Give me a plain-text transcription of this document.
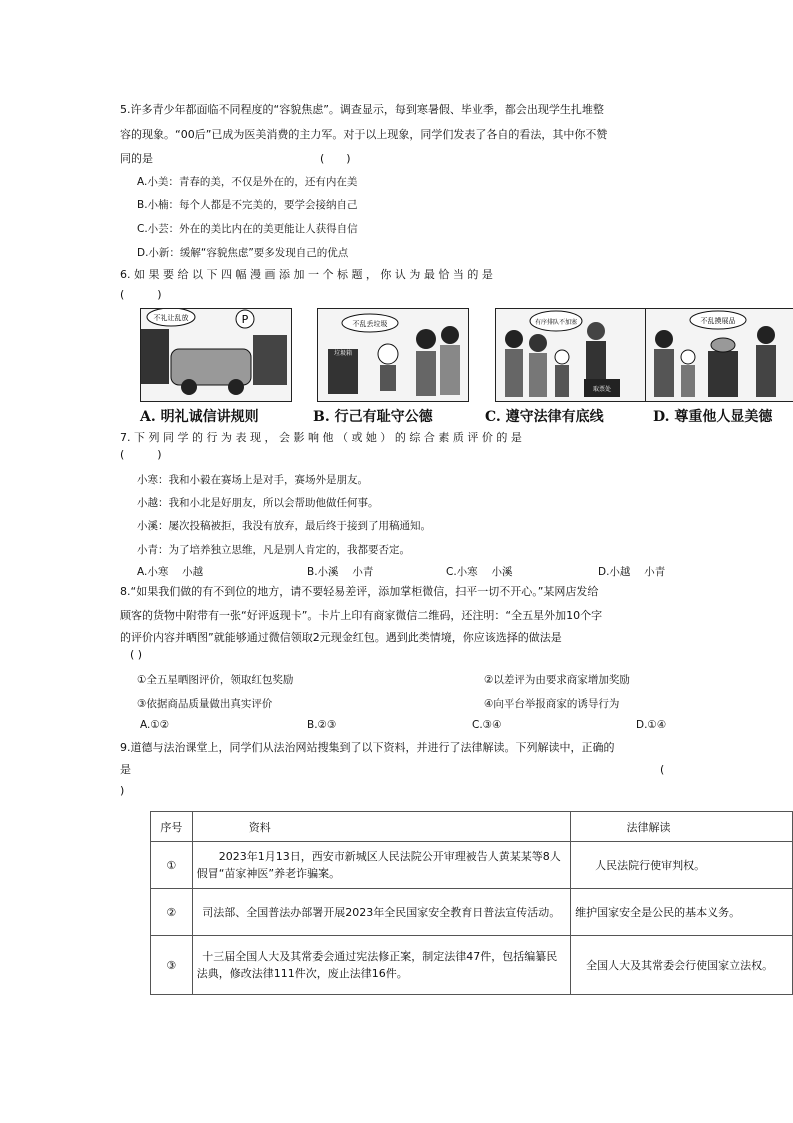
5.许多青少年都面临不同程度的“容貌焦虑”。调查显示，每到寒暑假、毕业季，都会出现学生扎堆整
容的现象。“00后”已成为医美消费的主力军。对于以上现象，同学们发表了各自的看法，其中你不赞
同的是	(　　)
A.小美：青春的美，不仅是外在的，还有内在美
B.小楠：每个人都是不完美的，要学会接纳自己
C.小芸：外在的美比内在的美更能让人获得自信
D.小新：缓解“容貌焦虑”要多发现自己的优点
6. 如 果 要 给 以 下 四 幅 漫 画 添 加 一 个 标 题 ， 你 认 为 最 恰 当 的 是
(　　　)
P
不礼让乱放
垃圾箱
不乱丢垃圾
取票处
有序排队不加塞	不乱摸展品
A. 明礼诚信讲规则	B. 行己有耻守公德	C. 遵守法律有底线	D. 尊重他人显美德
7. 下 列 同 学 的 行 为 表 现 ， 会 影 响 他 （ 或 她 ） 的 综 合 素 质 评 价 的 是
(　　　)
小寒：我和小毅在赛场上是对手，赛场外是朋友。
小越：我和小北是好朋友，所以会帮助他做任何事。
小溪：屡次投稿被拒，我没有放弃，最后终于接到了用稿通知。
小青：为了培养独立思维，凡是别人肯定的，我都要否定。
A.小寒　 小越	B.小溪　 小青	C.小寒　 小溪	D.小越　 小青
8.“如果我们做的有不到位的地方，请不要轻易差评，添加掌柜微信，扫平一切不开心。”某网店发给
顾客的货物中附带有一张“好评返现卡”。卡片上印有商家微信二维码，还注明：“全五星外加10个字
的评价内容并晒图”就能够通过微信领取2元现金红包。遇到此类情境，你应该选择的做法是
( )
①全五星晒图评价，领取红包奖励	②以差评为由要求商家增加奖励
③依据商品质量做出真实评价	④向平台举报商家的诱导行为
A.①②	B.②③	C.③④	D.①④
9.道德与法治课堂上，同学们从法治网站搜集到了以下资料，并进行了法律解读。下列解读中，正确的
是	(
)
序号	资料	法律解读
①	2023年1月13日，西安市新城区人民法院公开审理被告人黄某某等8人假冒“苗家神医”养老诈骗案。	人民法院行使审判权。
②	司法部、全国普法办部署开展2023年全民国家安全教育日普法宣传活动。	维护国家安全是公民的基本义务。
③	十三届全国人大及其常委会通过宪法修正案，制定法律47件，包括编纂民法典，修改法律111件次，废止法律16件。	全国人大及其常委会行使国家立法权。
